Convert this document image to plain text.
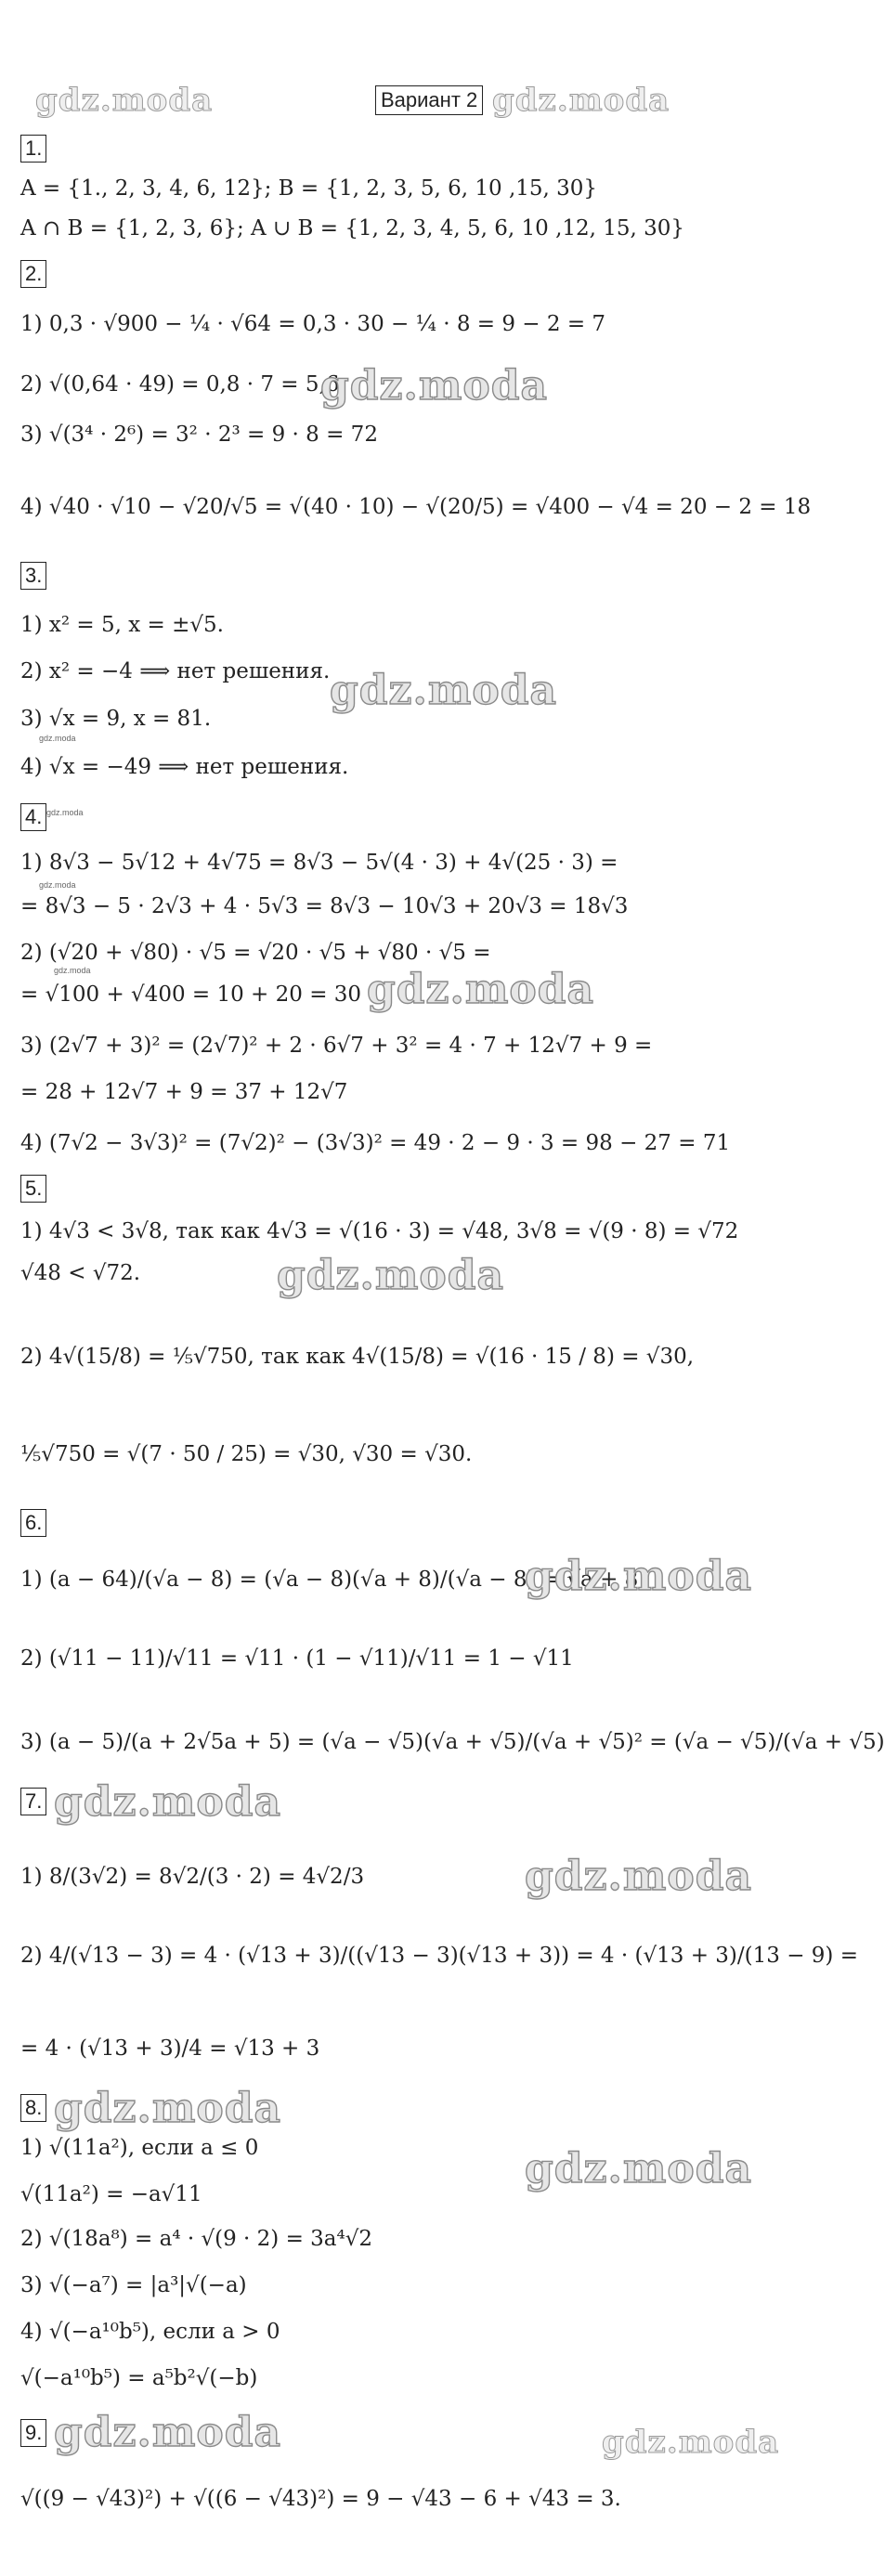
gdz.moda	Вариант 2 gdz.moda
1.
A = {1., 2, 3, 4, 6, 12}; B = {1, 2, 3, 5, 6, 10 ,15, 30}
A ∩ B = {1, 2, 3, 6}; A ∪ B = {1, 2, 3, 4, 5, 6, 10 ,12, 15, 30}
2.
1) 0,3 · √900 − ¼ · √64 = 0,3 · 30 − ¼ · 8 = 9 − 2 = 7
2) √(0,64 · 49) = 0,8 · 7 = 5,6
gdz.moda
3) √(3⁴ · 2⁶) = 3² · 2³ = 9 · 8 = 72
4) √40 · √10 − √20/√5 = √(40 · 10) − √(20/5) = √400 − √4 = 20 − 2 = 18
3.
1) x² = 5, x = ±√5.
2) x² = −4 ⟹ нет решения. gdz.moda
3) √x = 9, x = 81.
gdz.moda
4) √x = −49 ⟹ нет решения.
4. gdz.moda
1) 8√3 − 5√12 + 4√75 = 8√3 − 5√(4 · 3) + 4√(25 · 3) =
gdz.moda
= 8√3 − 5 · 2√3 + 4 · 5√3 = 8√3 − 10√3 + 20√3 = 18√3
2) (√20 + √80) · √5 = √20 · √5 + √80 · √5 =
gdz.moda
= √100 + √400 = 10 + 20 = 30 gdz.moda
3) (2√7 + 3)² = (2√7)² + 2 · 6√7 + 3² = 4 · 7 + 12√7 + 9 =
= 28 + 12√7 + 9 = 37 + 12√7
4) (7√2 − 3√3)² = (7√2)² − (3√3)² = 49 · 2 − 9 · 3 = 98 − 27 = 71
5.
1) 4√3 < 3√8, так как 4√3 = √(16 · 3) = √48, 3√8 = √(9 · 8) = √72
√48 < √72.	gdz.moda
2) 4√(15/8) = ⅕√750, так как 4√(15/8) = √(16 · 15 / 8) = √30,
⅕√750 = √(7 · 50 / 25) = √30, √30 = √30.
6.
1) (a − 64)/(√a − 8) = (√a − 8)(√a + 8)/(√a − 8) = √a + 8
gdz.moda
2) (√11 − 11)/√11 = √11 · (1 − √11)/√11 = 1 − √11
3) (a − 5)/(a + 2√5a + 5) = (√a − √5)(√a + √5)/(√a + √5)² = (√a − √5)/(√a + √5)
7. gdz.moda
1) 8/(3√2) = 8√2/(3 · 2) = 4√2/3	gdz.moda
2) 4/(√13 − 3) = 4 · (√13 + 3)/((√13 − 3)(√13 + 3)) = 4 · (√13 + 3)/(13 − 9) =
= 4 · (√13 + 3)/4 = √13 + 3
8. gdz.moda
1) √(11a²), если a ≤ 0	gdz.moda
√(11a²) = −a√11
2) √(18a⁸) = a⁴ · √(9 · 2) = 3a⁴√2
3) √(−a⁷) = |a³|√(−a)
4) √(−a¹⁰b⁵), если a > 0
√(−a¹⁰b⁵) = a⁵b²√(−b)
9. gdz.moda	gdz.moda
√((9 − √43)²) + √((6 − √43)²) = 9 − √43 − 6 + √43 = 3.
